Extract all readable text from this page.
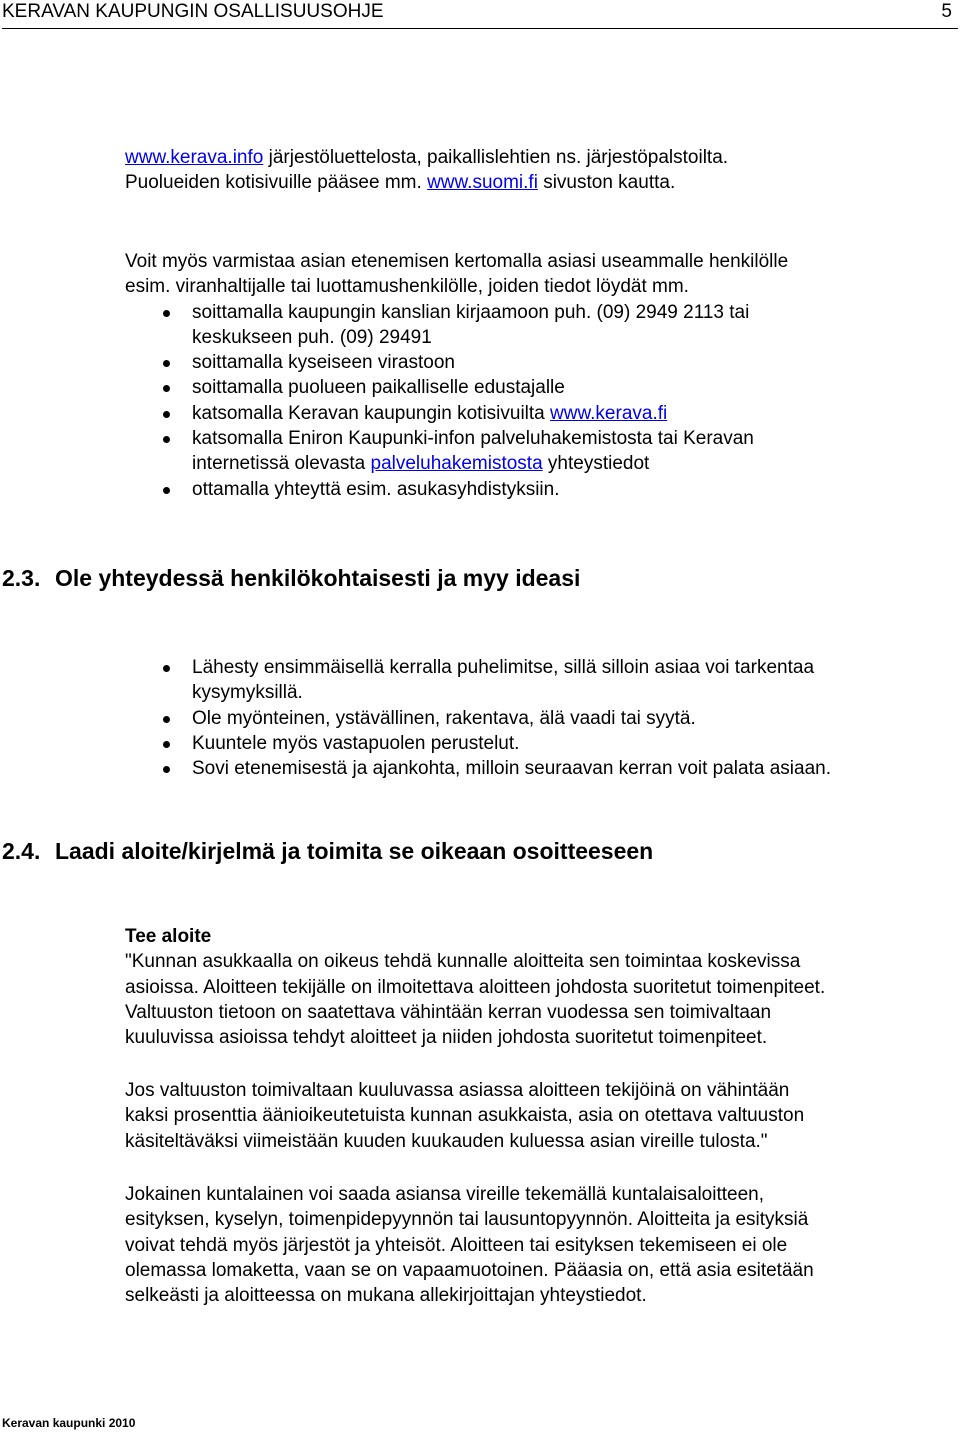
KERAVAN KAUPUNGIN OSALLISUUSOHJE	5

www.kerava.info järjestöluettelosta, paikallislehtien ns. järjestöpalstoilta.

Puolueiden kotisivuille pääsee mm. www.suomi.fi sivuston kautta.

Voit myös varmistaa asian etenemisen kertomalla asiasi useammalle henkilölle

esim. viranhaltijalle tai luottamushenkilölle, joiden tiedot löydät mm.

soittamalla kaupungin kanslian kirjaamoon puh. (09) 2949 2113 tai
keskukseen puh. (09) 29491
soittamalla kyseiseen virastoon
soittamalla puolueen paikalliselle edustajalle
katsomalla Keravan kaupungin kotisivuilta www.kerava.fi
katsomalla Eniron Kaupunki-infon palveluhakemistosta tai Keravan
internetissä olevasta palveluhakemistosta yhteystiedot
ottamalla yhteyttä esim. asukasyhdistyksiin.
2.3. Ole yhteydessä henkilökohtaisesti ja myy ideasi
Lähesty ensimmäisellä kerralla puhelimitse, sillä silloin asiaa voi tarkentaa
kysymyksillä.
Ole myönteinen, ystävällinen, rakentava, älä vaadi tai syytä.
Kuuntele myös vastapuolen perustelut.
Sovi etenemisestä ja ajankohta, milloin seuraavan kerran voit palata asiaan.
2.4. Laadi aloite/kirjelmä ja toimita se oikeaan osoitteeseen

Tee aloite

"Kunnan asukkaalla on oikeus tehdä kunnalle aloitteita sen toimintaa koskevissa

asioissa. Aloitteen tekijälle on ilmoitettava aloitteen johdosta suoritetut toimenpiteet.

Valtuuston tietoon on saatettava vähintään kerran vuodessa sen toimivaltaan

kuuluvissa asioissa tehdyt aloitteet ja niiden johdosta suoritetut toimenpiteet.

Jos valtuuston toimivaltaan kuuluvassa asiassa aloitteen tekijöinä on vähintään

kaksi prosenttia äänioikeutetuista kunnan asukkaista, asia on otettava valtuuston

käsiteltäväksi viimeistään kuuden kuukauden kuluessa asian vireille tulosta."

Jokainen kuntalainen voi saada asiansa vireille tekemällä kuntalaisaloitteen,

esityksen, kyselyn, toimenpidepyynnön tai lausuntopyynnön. Aloitteita ja esityksiä

voivat tehdä myös järjestöt ja yhteisöt. Aloitteen tai esityksen tekemiseen ei ole

olemassa lomaketta, vaan se on vapaamuotoinen. Pääasia on, että asia esitetään

selkeästi ja aloitteessa on mukana allekirjoittajan yhteystiedot.

Keravan kaupunki 2010
